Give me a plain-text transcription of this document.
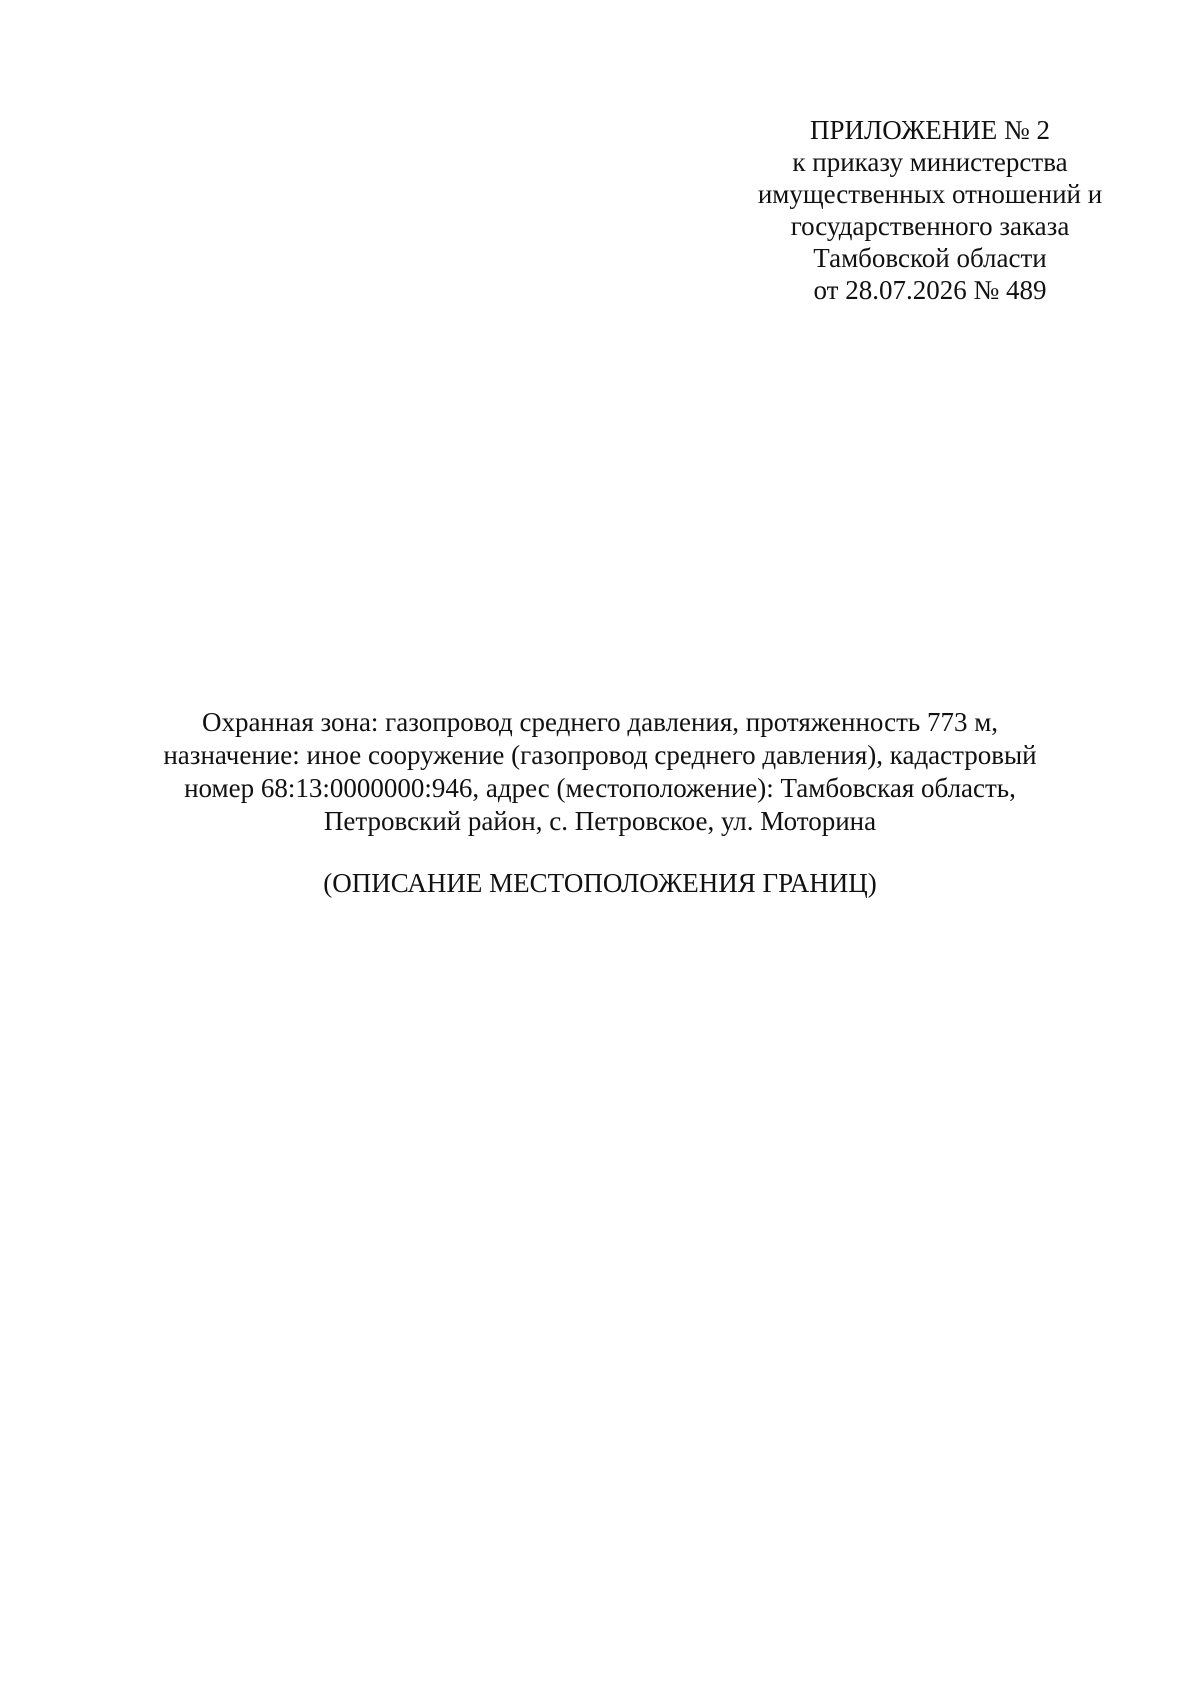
ПРИЛОЖЕНИЕ № 2
к приказу министерства
имущественных отношений и
государственного заказа
Тамбовской области
от 28.07.2026 № 489
Охранная зона: газопровод среднего давления, протяженность 773 м,
назначение: иное сооружение (газопровод среднего давления), кадастровый
номер 68:13:0000000:946, адрес (местоположение): Тамбовская область,
Петровский район, с. Петровское, ул. Моторина
(ОПИСАНИЕ МЕСТОПОЛОЖЕНИЯ ГРАНИЦ)
